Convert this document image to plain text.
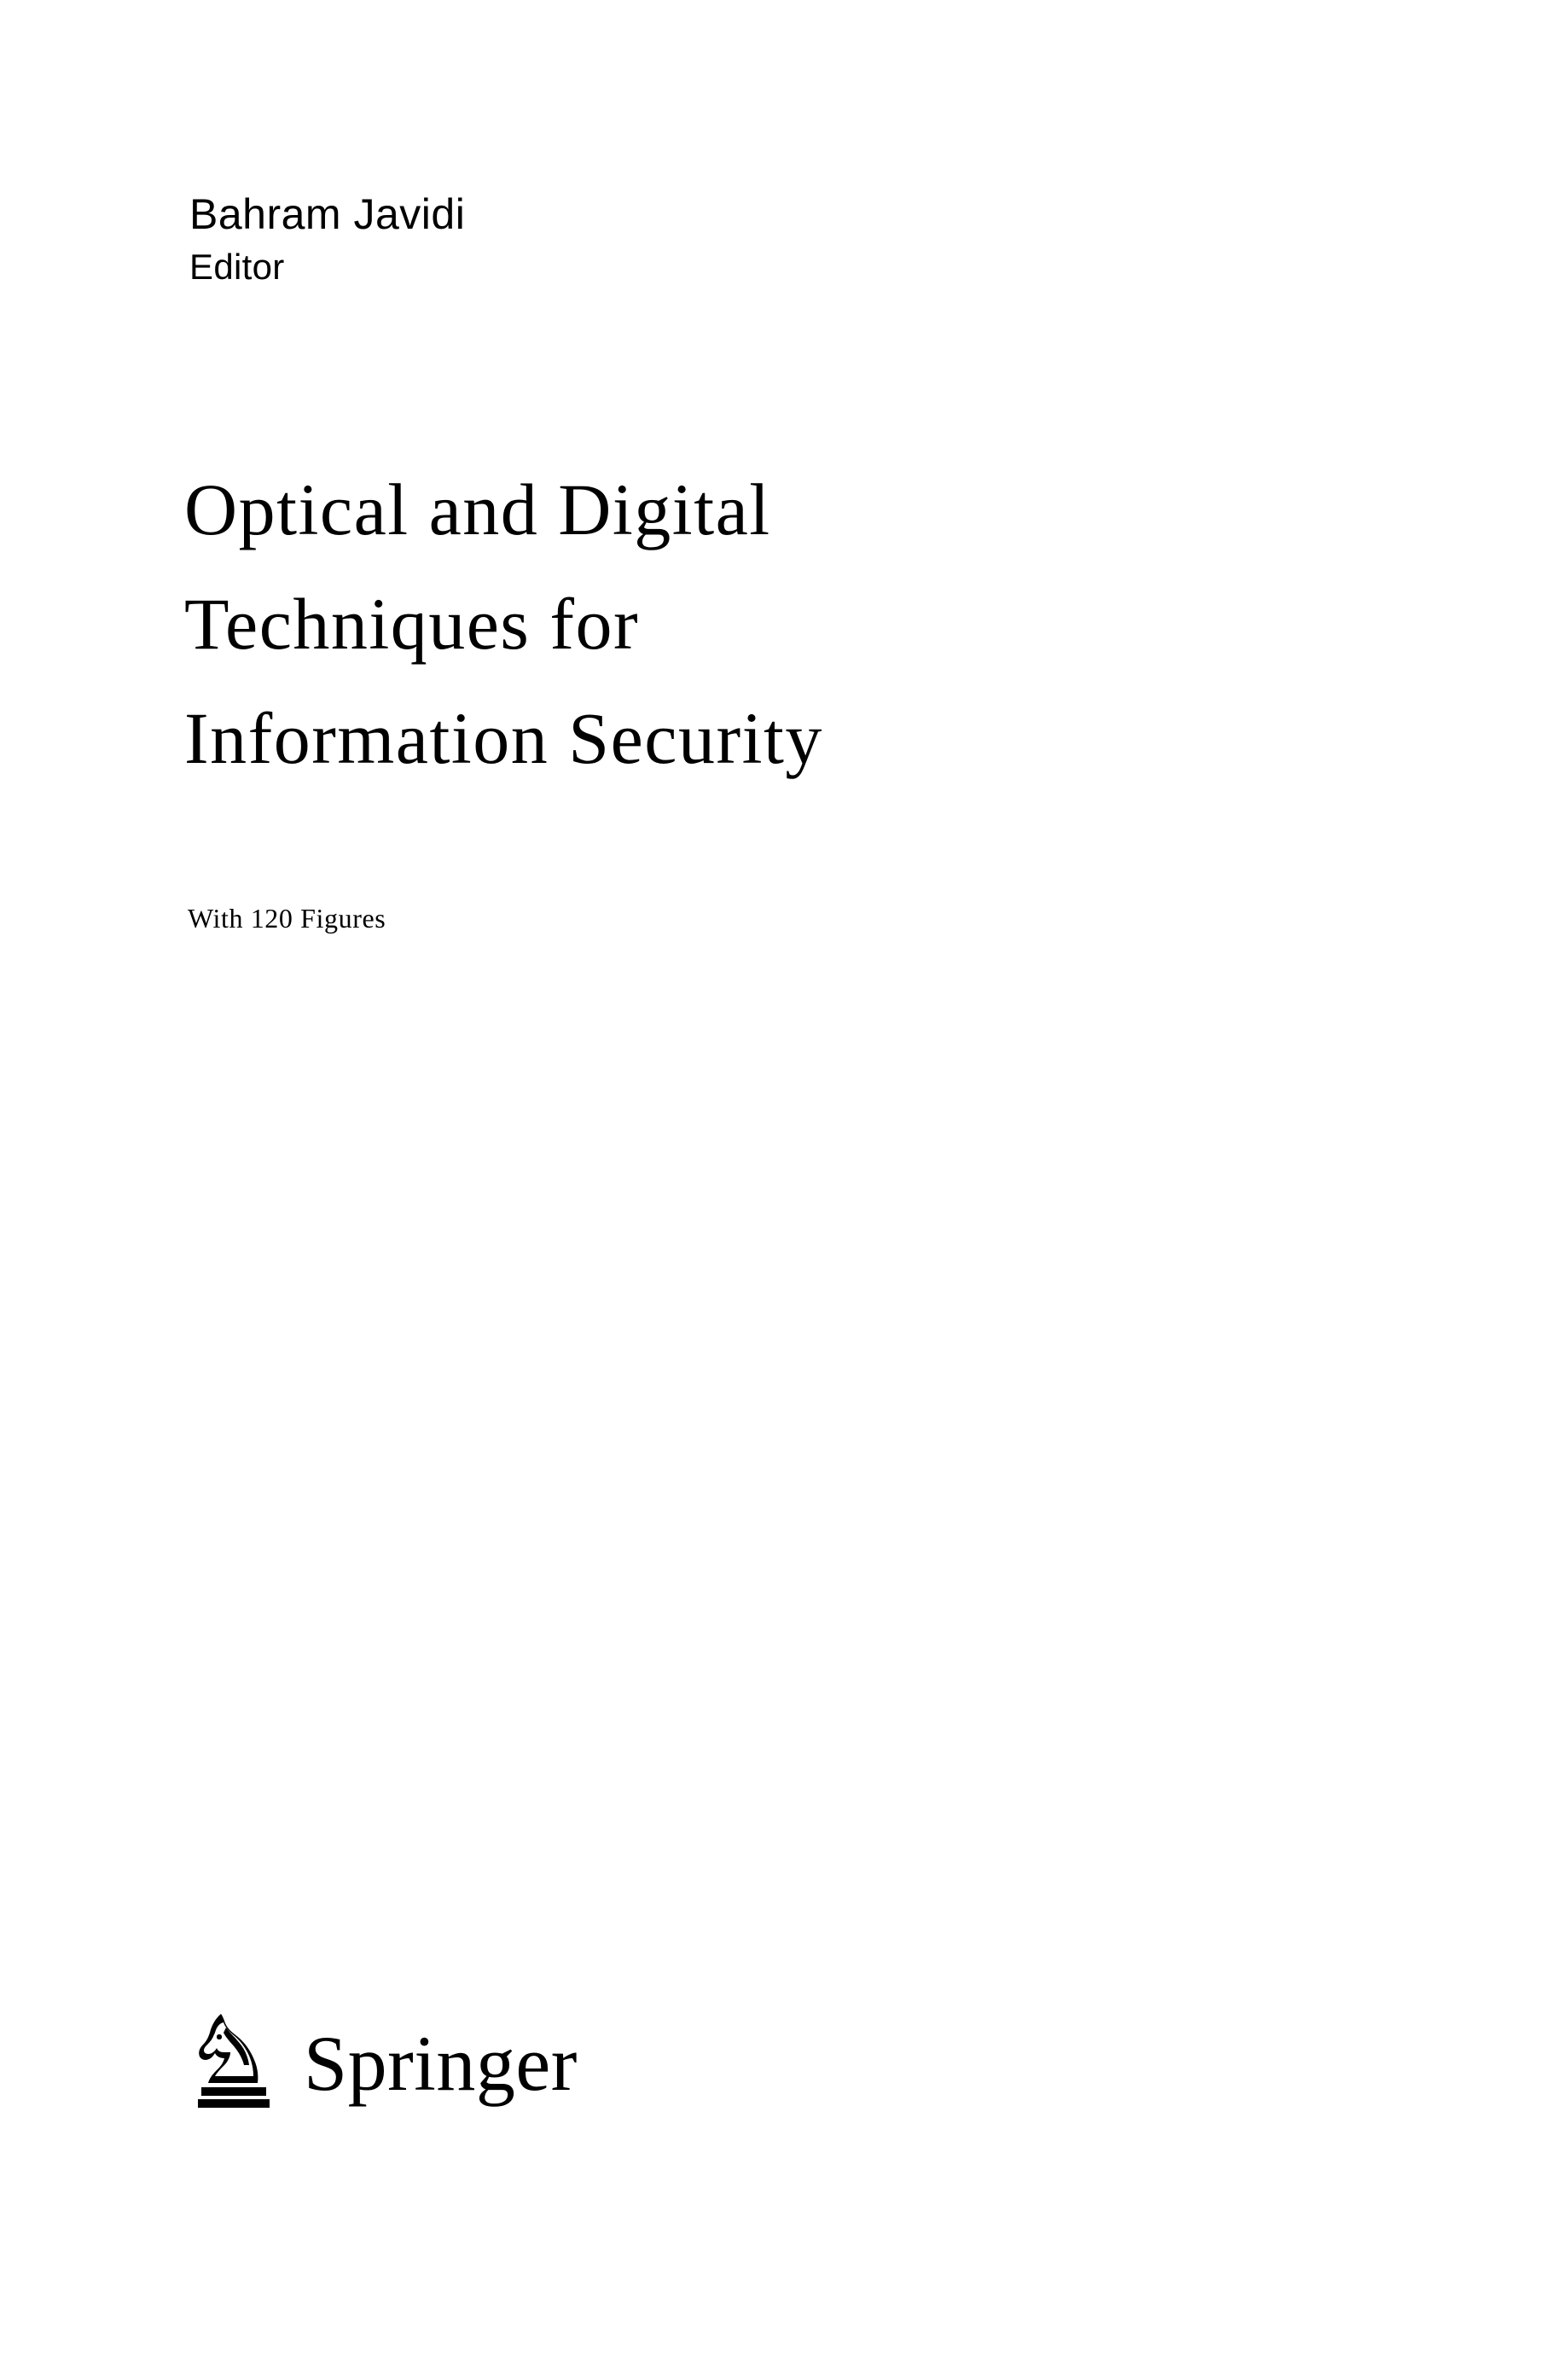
Bahram Javidi
Editor
Optical and Digital
Techniques for
Information Security
With 120 Figures
Springer
